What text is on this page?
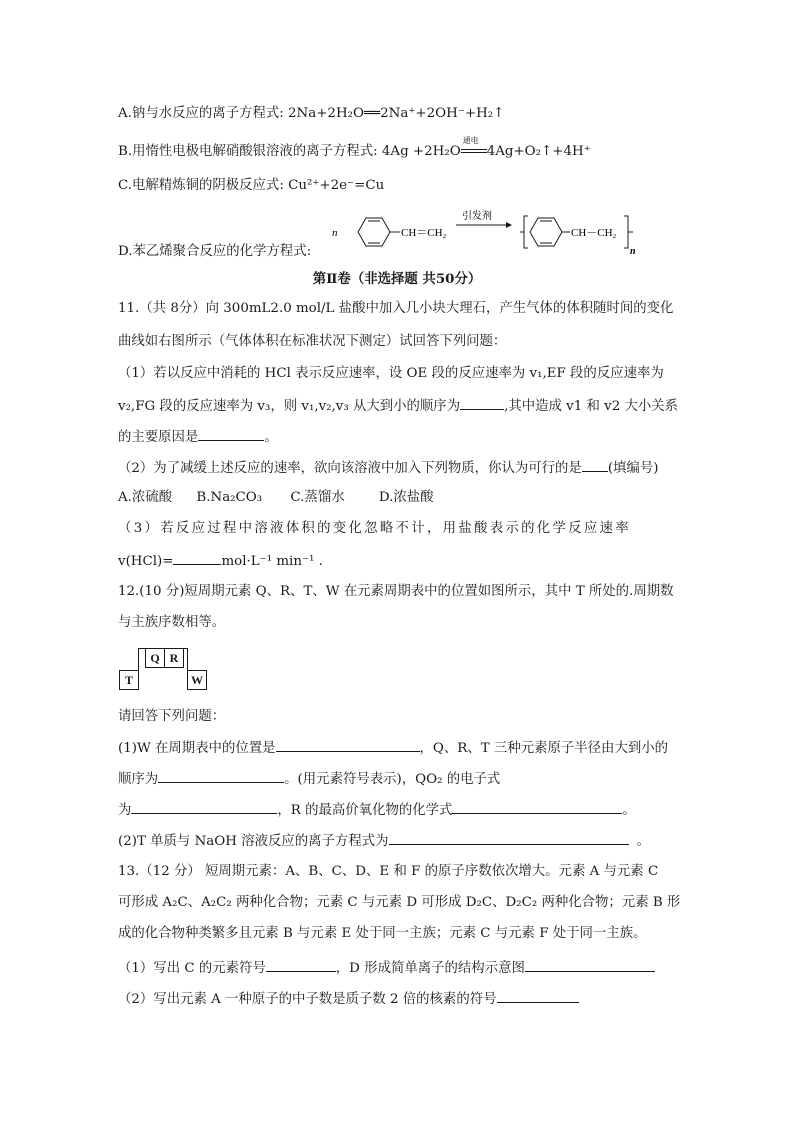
A.钠与水反应的离子方程式: 2Na+2H₂O══2Na⁺+2OH⁻+H₂↑
B.用惰性电极电解硝酸银溶液的离子方程式: 4Ag +2H₂O
通电
4Ag+O₂↑+4H⁺
C.电解精炼铜的阴极反应式: Cu²⁺+2e⁻=Cu
D.苯乙烯聚合反应的化学方程式:
n	CH＝CH₂
引发剂
CH－CH₂
n
第Ⅱ卷（非选择题 共50分）
11.（共 8分）向 300mL2.0 mol/L 盐酸中加入几小块大理石，产生气体的体积随时间的变化
曲线如右图所示（气体体积在标准状况下测定）试回答下列问题：
（1）若以反应中消耗的 HCl 表示反应速率，设 OE 段的反应速率为 v₁,EF 段的反应速率为
v₂,FG 段的反应速率为 v₃，则 v₁,v₂,v₃ 从大到小的顺序为	,其中造成 v1 和 v2 大小关系
的主要原因是	。
（2）为了减缓上述反应的速率，欲向该溶液中加入下列物质，你认为可行的是 (填编号)
A.浓硫酸 B.Na₂CO₃ C.蒸馏水	D.浓盐酸
（3）若反应过程中溶液体积的变化忽略不计，用盐酸表示的化学反应速率
v(HCl)=	mol·L⁻¹ min⁻¹ .
12.(10 分)短周期元素 Q、R、T、W 在元素周期表中的位置如图所示，其中 T 所处的.周期数
与主族序数相等。
Q R
T	W
请回答下列问题：
(1)W 在周期表中的位置是	，Q、R、T 三种元素原子半径由大到小的
顺序为	。(用元素符号表示)，QO₂ 的电子式
为	，R 的最高价氧化物的化学式	。
(2)T 单质与 NaOH 溶液反应的离子方程式为	。
13.（12 分） 短周期元素：A、B、C、D、E 和 F 的原子序数依次增大。元素 A 与元素 C
可形成 A₂C、A₂C₂ 两种化合物；元素 C 与元素 D 可形成 D₂C、D₂C₂ 两种化合物；元素 B 形
成的化合物种类繁多且元素 B 与元素 E 处于同一主族；元素 C 与元素 F 处于同一主族。
（1）写出 C 的元素符号	，D 形成简单离子的结构示意图
（2）写出元素 A 一种原子的中子数是质子数 2 倍的核素的符号
